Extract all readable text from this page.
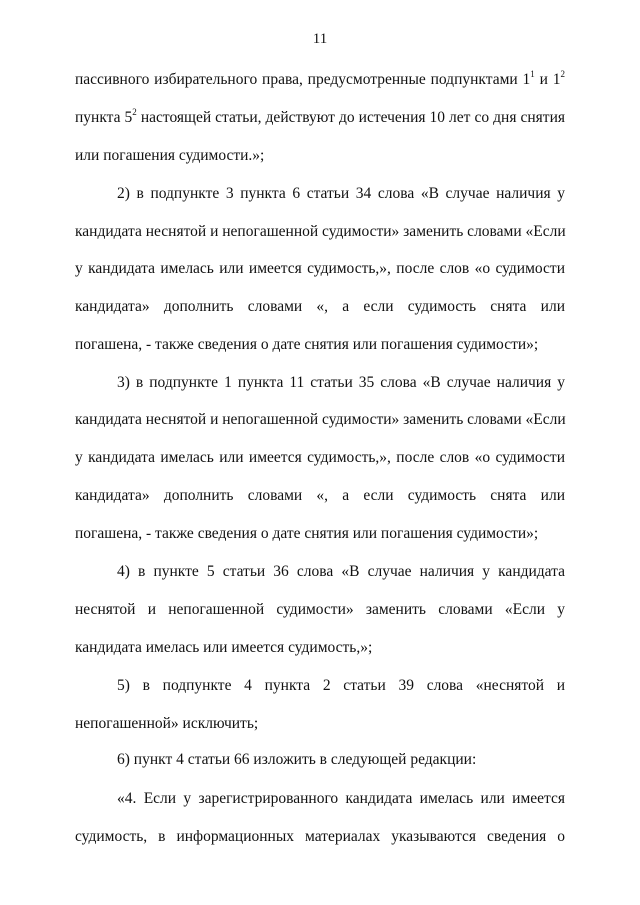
11
пассивного избирательного права, предусмотренные подпунктами $1^1$ и $1^2$
пункта $5^2$ настоящей статьи, действуют до истечения 10 лет со дня снятия
или погашения судимости.»;
2) в подпункте 3 пункта 6 статьи 34 слова «В случае наличия у
кандидата неснятой и непогашенной судимости» заменить словами «Если
у кандидата имелась или имеется судимость,», после слов «о судимости
кандидата» дополнить словами «, а если судимость снята или
погашена, - также сведения о дате снятия или погашения судимости»;
3) в подпункте 1 пункта 11 статьи 35 слова «В случае наличия у
кандидата неснятой и непогашенной судимости» заменить словами «Если
у кандидата имелась или имеется судимость,», после слов «о судимости
кандидата» дополнить словами «, а если судимость снята или
погашена, - также сведения о дате снятия или погашения судимости»;
4) в пункте 5 статьи 36 слова «В случае наличия у кандидата
неснятой и непогашенной судимости» заменить словами «Если у
кандидата имелась или имеется судимость,»;
5) в подпункте 4 пункта 2 статьи 39 слова «неснятой и
непогашенной» исключить;
6) пункт 4 статьи 66 изложить в следующей редакции:
«4. Если у зарегистрированного кандидата имелась или имеется
судимость, в информационных материалах указываются сведения о
